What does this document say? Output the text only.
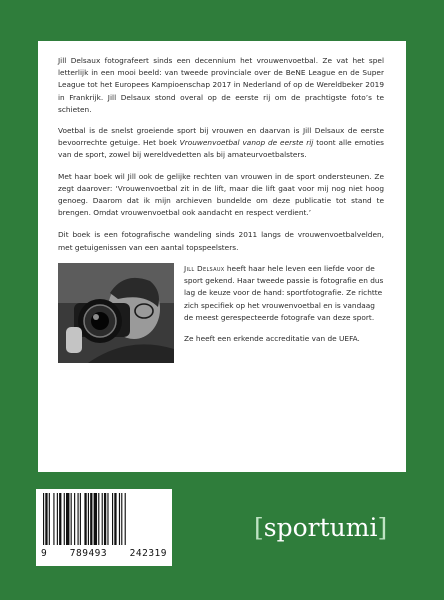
Jill Delsaux fotografeert sinds een decennium het vrouwenvoetbal. Ze vat het spel letterlijk in een mooi beeld: van tweede provinciale over de BeNE League en de Super League tot het Europees Kampioenschap 2017 in Nederland of op de Wereldbeker 2019 in Frankrijk. Jill Delsaux stond overal op de eerste rij om de prachtigste foto’s te schieten.

Voetbal is de snelst groeiende sport bij vrouwen en daarvan is Jill Delsaux de eerste bevoorrechte getuige. Het boek Vrouwenvoetbal vanop de eerste rij toont alle emoties van de sport, zowel bij wereldvedetten als bij amateurvoetbalsters.

Met haar boek wil Jill ook de gelijke rechten van vrouwen in de sport ondersteunen. Ze zegt daarover: ‘Vrouwenvoetbal zit in de lift, maar die lift gaat voor mij nog niet hoog genoeg. Daarom dat ik mijn archieven bundelde om deze publicatie tot stand te brengen. Omdat vrouwenvoetbal ook aandacht en respect verdient.’

Dit boek is een fotografische wandeling sinds 2011 langs de vrouwenvoetbalvelden, met getuigenissen van een aantal topspeelsters.

Jill Delsaux heeft haar hele leven een liefde voor de sport gekend. Haar tweede passie is fotografie en dus lag de keuze voor de hand: sportfotografie. Ze richtte zich specifiek op het vrouwenvoetbal en is vandaag de meest gerespecteerde fotografe van deze sport.

Ze heeft een erkende accreditatie van de UEFA.

9 789493 242319
[sportumi]
